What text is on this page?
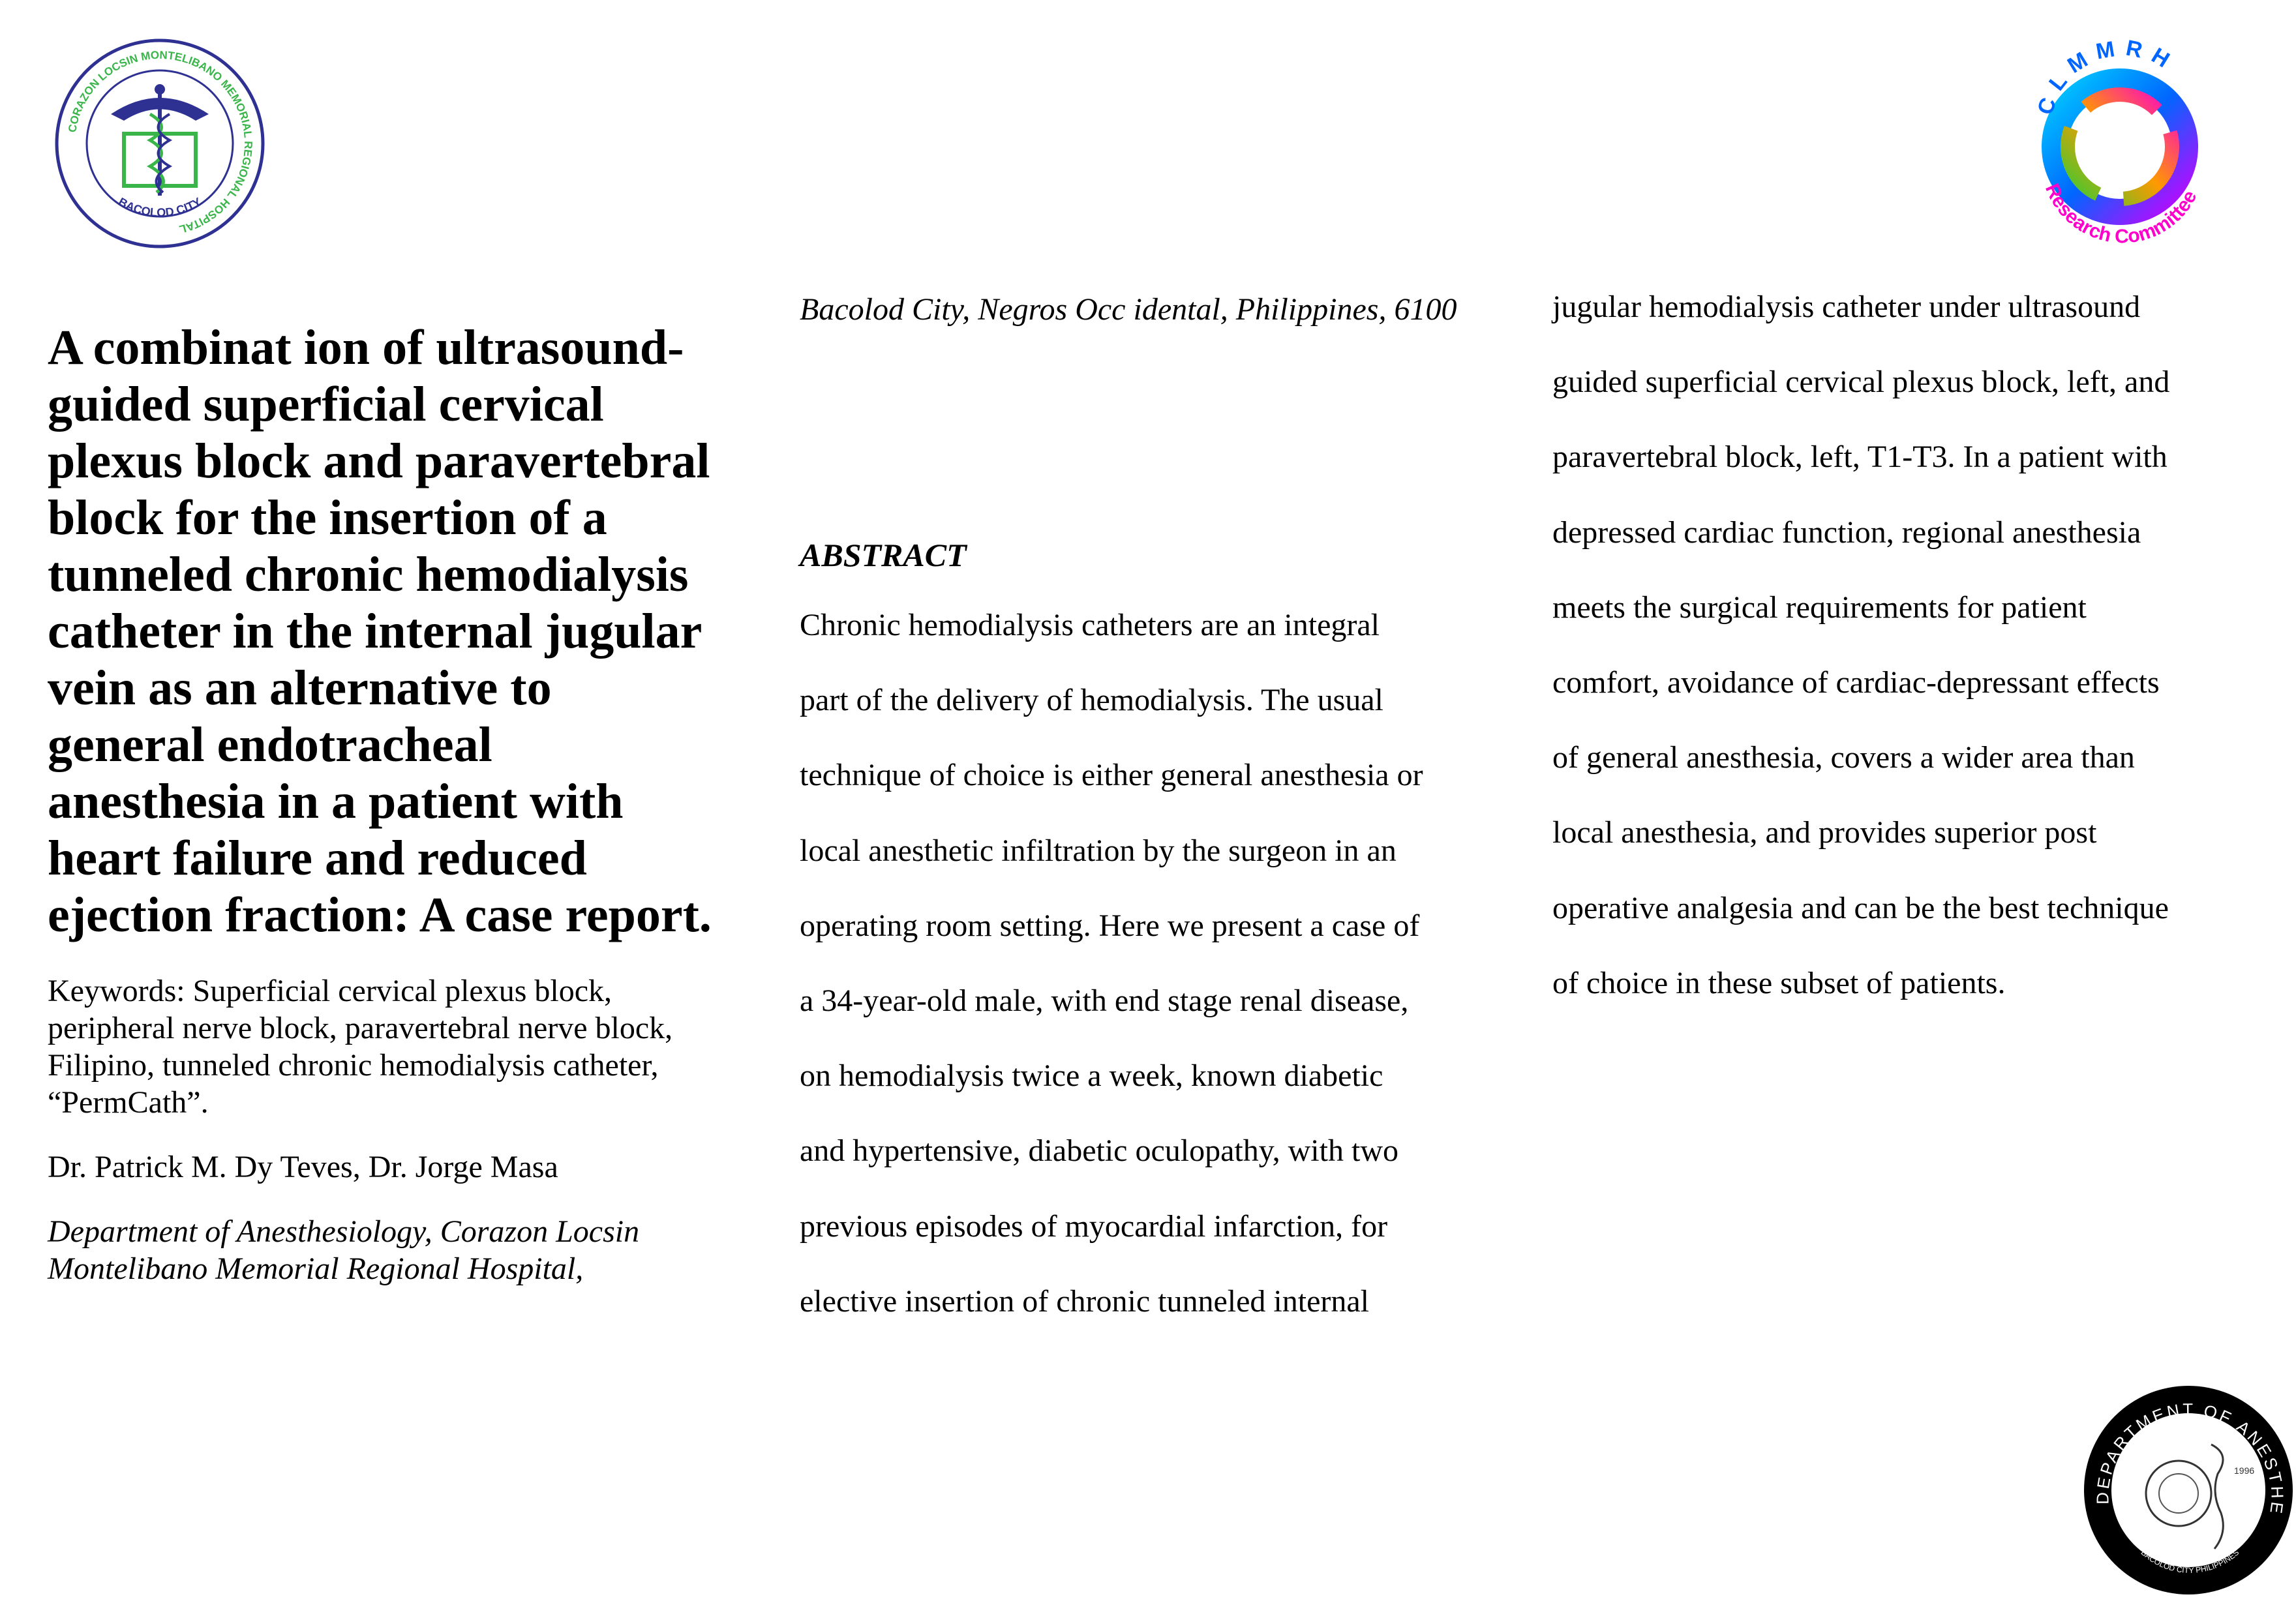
CORAZON LOCSIN MONTELIBANO MEMORIAL REGIONAL HOSPITAL
BACOLOD CITY
CLMMRH
Research Committee
DEPARTMENT OF ANESTHE
BACOLOD CITY PHILIPPINES
1996
A combinat ion of ultrasound-guided superficial cervical plexus block and paravertebral block for the insertion of a tunneled chronic hemodialysis catheter in the internal jugular vein as an alternative to general endotracheal anesthesia in a patient with heart failure and reduced ejection fraction: A case report.

Keywords: Superficial cervical plexus block, peripheral nerve block, paravertebral nerve block, Filipino, tunneled chronic hemodialysis catheter, “PermCath”.

Dr. Patrick M. Dy Teves, Dr. Jorge Masa

Department of Anesthesiology, Corazon Locsin Montelibano Memorial Regional Hospital,

Bacolod City, Negros Occ idental, Philippines, 6100
ABSTRACT
Chronic hemodialysis catheters are an integral
part of the delivery of hemodialysis. The usual
technique of choice is either general anesthesia or
local anesthetic infiltration by the surgeon in an
operating room setting. Here we present a case of
a 34-year-old male, with end stage renal disease,
on hemodialysis twice a week, known diabetic
and hypertensive, diabetic oculopathy, with two
previous episodes of myocardial infarction, for
elective insertion of chronic tunneled internal
jugular hemodialysis catheter under ultrasound
guided superficial cervical plexus block, left, and
paravertebral block, left, T1-T3. In a patient with
depressed cardiac function, regional anesthesia
meets the surgical requirements for patient
comfort, avoidance of cardiac-depressant effects
of general anesthesia, covers a wider area than
local anesthesia, and provides superior post
operative analgesia and can be the best technique
of choice in these subset of patients.
